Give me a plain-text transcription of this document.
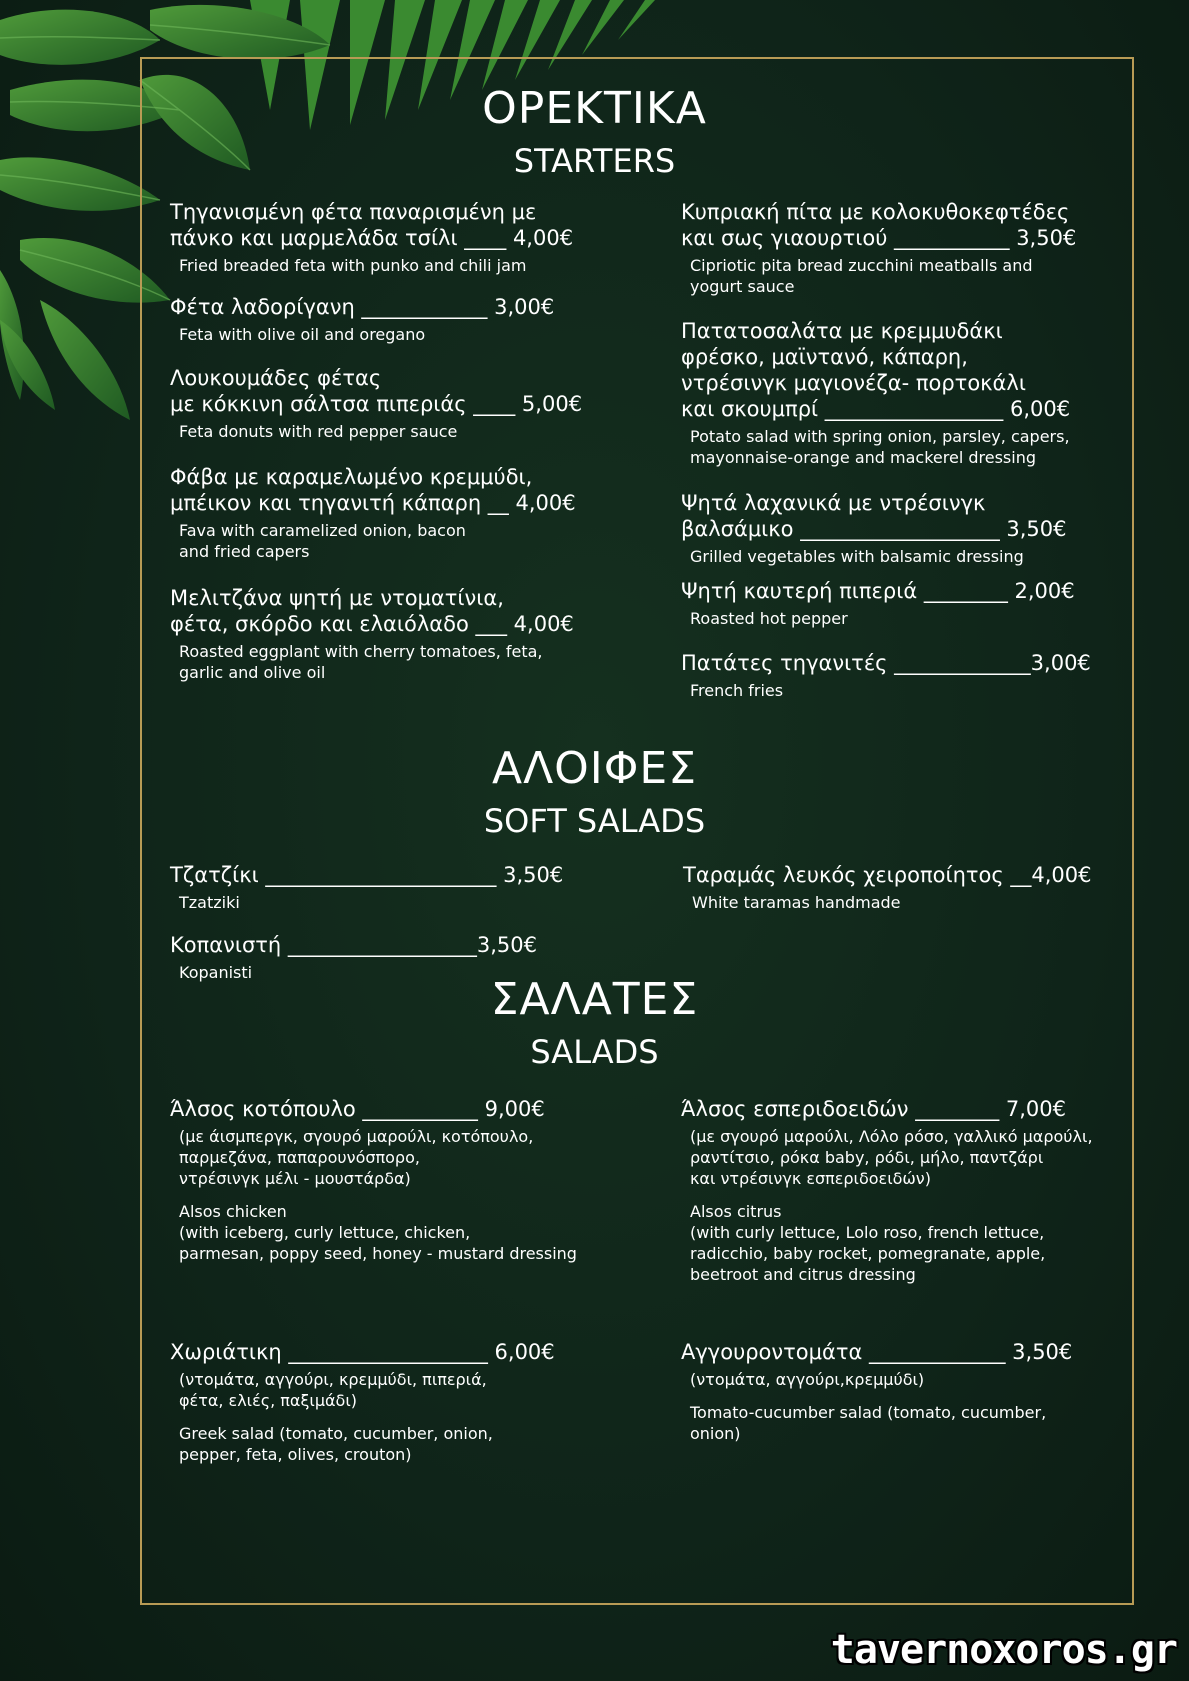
ΟΡΕΚΤΙΚΑ
STARTERS
Τηγανισμένη φέτα παναρισμένη με
πάνκο και μαρμελάδα τσίλι ____ 4,00€
Fried breaded feta with punko and chili jam
Φέτα λαδορίγανη ____________ 3,00€
Feta with olive oil and oregano
Λουκουμάδες φέτας
με κόκκινη σάλτσα πιπεριάς ____ 5,00€
Feta donuts with red pepper sauce
Φάβα με καραμελωμένο κρεμμύδι,
μπέικον και τηγανιτή κάπαρη __ 4,00€
Fava with caramelized onion, bacon
and fried capers
Μελιτζάνα ψητή με ντοματίνια,
φέτα, σκόρδο και ελαιόλαδο ___ 4,00€
Roasted eggplant with cherry tomatoes, feta,
garlic and olive oil
Κυπριακή πίτα με κολοκυθοκεφτέδες
και σως γιαουρτιού ___________ 3,50€
Cipriotic pita bread zucchini meatballs and
yogurt sauce
Πατατοσαλάτα με κρεμμυδάκι
φρέσκο, μαϊντανό, κάπαρη,
ντρέσινγκ μαγιονέζα- πορτοκάλι
και σκουμπρί _________________ 6,00€
Potato salad with spring onion, parsley, capers,
mayonnaise-orange and mackerel dressing
Ψητά λαχανικά με ντρέσινγκ
βαλσάμικο ___________________ 3,50€
Grilled vegetables with balsamic dressing
Ψητή καυτερή πιπεριά ________ 2,00€
Roasted hot pepper
Πατάτες τηγανιτές _____________3,00€
French fries
ΑΛΟΙΦΕΣ
SOFT SALADS
Τζατζίκι ______________________ 3,50€
Tzatziki
Κοπανιστή __________________3,50€
Kopanisti
Ταραμάς λευκός χειροποίητος __4,00€
White taramas handmade
ΣΑΛΑΤΕΣ
SALADS
Άλσος κοτόπουλο ___________ 9,00€
(με άισμπεργκ, σγουρό μαρούλι, κοτόπουλο,
παρμεζάνα, παπαρουνόσπορο,
ντρέσινγκ μέλι - μουστάρδα)
Alsos chicken
(with iceberg, curly lettuce, chicken,
parmesan, poppy seed, honey - mustard dressing
Χωριάτικη ___________________ 6,00€
(ντομάτα, αγγούρι, κρεμμύδι, πιπεριά,
φέτα, ελιές, παξιμάδι)
Greek salad (tomato, cucumber, onion,
pepper, feta, olives, crouton)
Άλσος εσπεριδοειδών ________ 7,00€
(με σγουρό μαρούλι, Λόλο ρόσο, γαλλικό μαρούλι,
ραντίτσιο, ρόκα baby, ρόδι, μήλο, παντζάρι
και ντρέσινγκ εσπεριδοειδών)
Alsos citrus
(with curly lettuce, Lolo roso, french lettuce,
radicchio, baby rocket, pomegranate, apple,
beetroot and citrus dressing
Αγγουροντομάτα _____________ 3,50€
(ντομάτα, αγγούρι,κρεμμύδι)
Tomato-cucumber salad (tomato, cucumber,
onion)
tavernoxoros.gr
